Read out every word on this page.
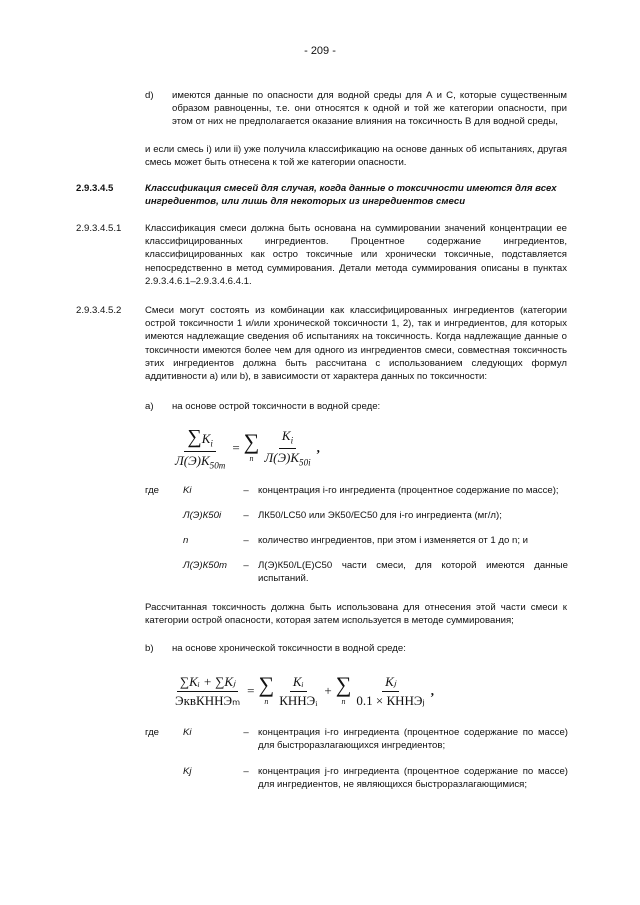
- 209 -
d) имеются данные по опасности для водной среды для А и С, которые существенным образом равноценны, т.е. они относятся к одной и той же категории опасности, при этом от них не предполагается оказание влияния на токсичность В для водной среды,
и если смесь i) или ii) уже получила классификацию на основе данных об испытаниях, другая смесь может быть отнесена к той же категории опасности.
2.9.3.4.5	Классификация смесей для случая, когда данные о токсичности имеются для всех ингредиентов, или лишь для некоторых из ингредиентов смеси
2.9.3.4.5.1 Классификация смеси должна быть основана на суммировании значений концентрации ее классифицированных ингредиентов. Процентное содержание ингредиентов, классифицированных как остро токсичные или хронически токсичные, подставляется непосредственно в метод суммирования. Детали метода суммирования описаны в пунктах 2.9.3.4.6.1–2.9.3.4.6.4.1.
2.9.3.4.5.2 Смеси могут состоять из комбинации как классифицированных ингредиентов (категории острой токсичности 1 и/или хронической токсичности 1, 2), так и ингредиентов, для которых имеются надлежащие сведения об испытаниях на токсичность. Когда надлежащие данные о токсичности имеются более чем для одного из ингредиентов смеси, совместная токсичность этих ингредиентов должна быть рассчитана с использованием следующих формул аддитивности а) или b), в зависимости от характера данных по токсичности:
a) на основе острой токсичности в водной среде:
$\frac{\sum K_i}{Л(Э)K_{50m}}$ = ∑
n $\frac{K_i}{Л(Э)K_{50i}}$ ,
где Ki	– концентрация i-го ингредиента (процентное содержание по массе);
Л(Э)К50i	– ЛК50/LC50 или ЭК50/EC50 для i-го ингредиента (мг/л);
n	– количество ингредиентов, при этом i изменяется от 1 до n; и
Л(Э)К50m	– Л(Э)К50/L(E)C50 части смеси, для которой имеются данные испытаний.
Рассчитанная токсичность должна быть использована для отнесения этой части смеси к категории острой опасности, которая затем используется в методе суммирования;
b) на основе хронической токсичности в водной среде:
$\frac{\text{∑Kᵢ + ∑Kⱼ}}{\text{ЭквКННЭₘ}}$ = ∑
n $\frac{\text{Kᵢ}}{\text{КННЭᵢ}}$ + ∑
n $\frac{\text{Kⱼ}}{\text{0.1 × КННЭⱼ}}$ ,
где Ki	– концентрация i-го ингредиента (процентное содержание по массе) для быстроразлагающихся ингредиентов;
Kj	– концентрация j-го ингредиента (процентное содержание по массе) для ингредиентов, не являющихся быстроразлагающимися;
